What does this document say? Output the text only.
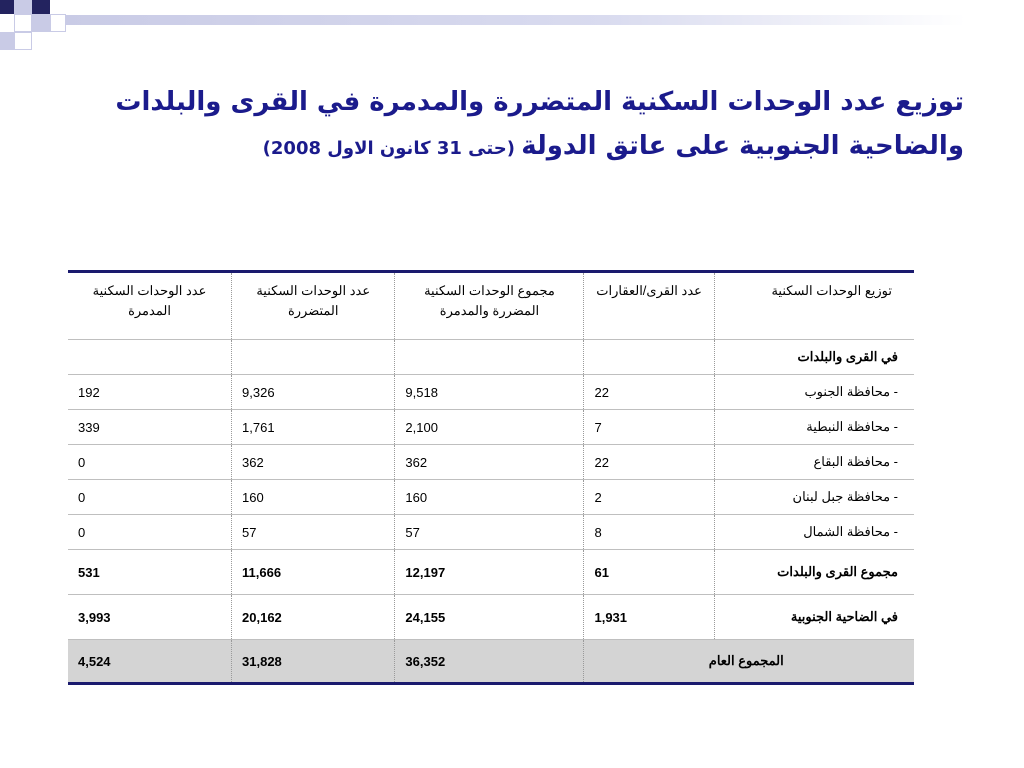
توزيع عدد الوحدات السكنية المتضررة والمدمرة في القرى والبلدات
والضاحية الجنوبية على عاتق الدولة (حتى 31 كانون الاول 2008)
توزيع الوحدات السكنية	عدد القرى/العقارات	مجموع الوحدات السكنية المضررة والمدمرة	عدد الوحدات السكنية المتضررة	عدد الوحدات السكنية المدمرة
في القرى والبلدات				
- محافظة الجنوب	22	9,518	9,326	192
- محافظة النبطية	7	2,100	1,761	339
- محافظة البقاع	22	362	362	0
- محافظة جبل لبنان	2	160	160	0
- محافظة الشمال	8	57	57	0
مجموع القرى والبلدات	61	12,197	11,666	531
في الضاحية الجنوبية	1,931	24,155	20,162	3,993
المجموع العام		36,352	31,828	4,524
